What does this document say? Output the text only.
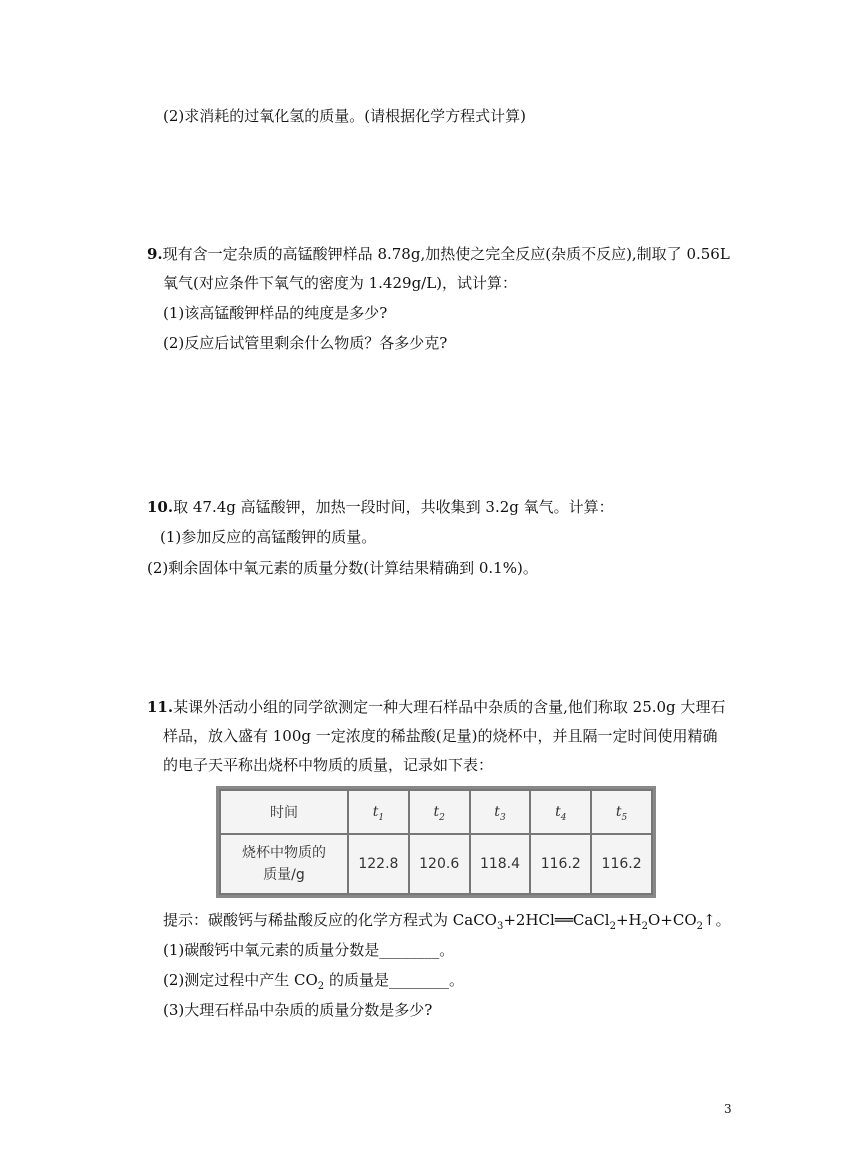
(2)求消耗的过氧化氢的质量。(请根据化学方程式计算)
9.现有含一定杂质的高锰酸钾样品 8.78g,加热使之完全反应(杂质不反应),制取了 0.56L
氧气(对应条件下氧气的密度为 1.429g/L)，试计算：
(1)该高锰酸钾样品的纯度是多少?
(2)反应后试管里剩余什么物质？各多少克?
10.取 47.4g 高锰酸钾，加热一段时间，共收集到 3.2g 氧气。计算：
(1)参加反应的高锰酸钾的质量。
(2)剩余固体中氧元素的质量分数(计算结果精确到 0.1%)。
11.某课外活动小组的同学欲测定一种大理石样品中杂质的含量,他们称取 25.0g 大理石
样品，放入盛有 100g 一定浓度的稀盐酸(足量)的烧杯中，并且隔一定时间使用精确
的电子天平称出烧杯中物质的质量，记录如下表：
时间	$t_1$	$t_2$	$t_3$	$t_4$	$t_5$

烧杯中物质的
质量/g	122.8	120.6	118.4	116.2	116.2
提示：碳酸钙与稀盐酸反应的化学方程式为 $CaCO_3+2HCl══CaCl_2+H_2O+CO_2↑$。
(1)碳酸钙中氧元素的质量分数是________。
(2)测定过程中产生 $CO_2$ 的质量是________。
(3)大理石样品中杂质的质量分数是多少?
3
